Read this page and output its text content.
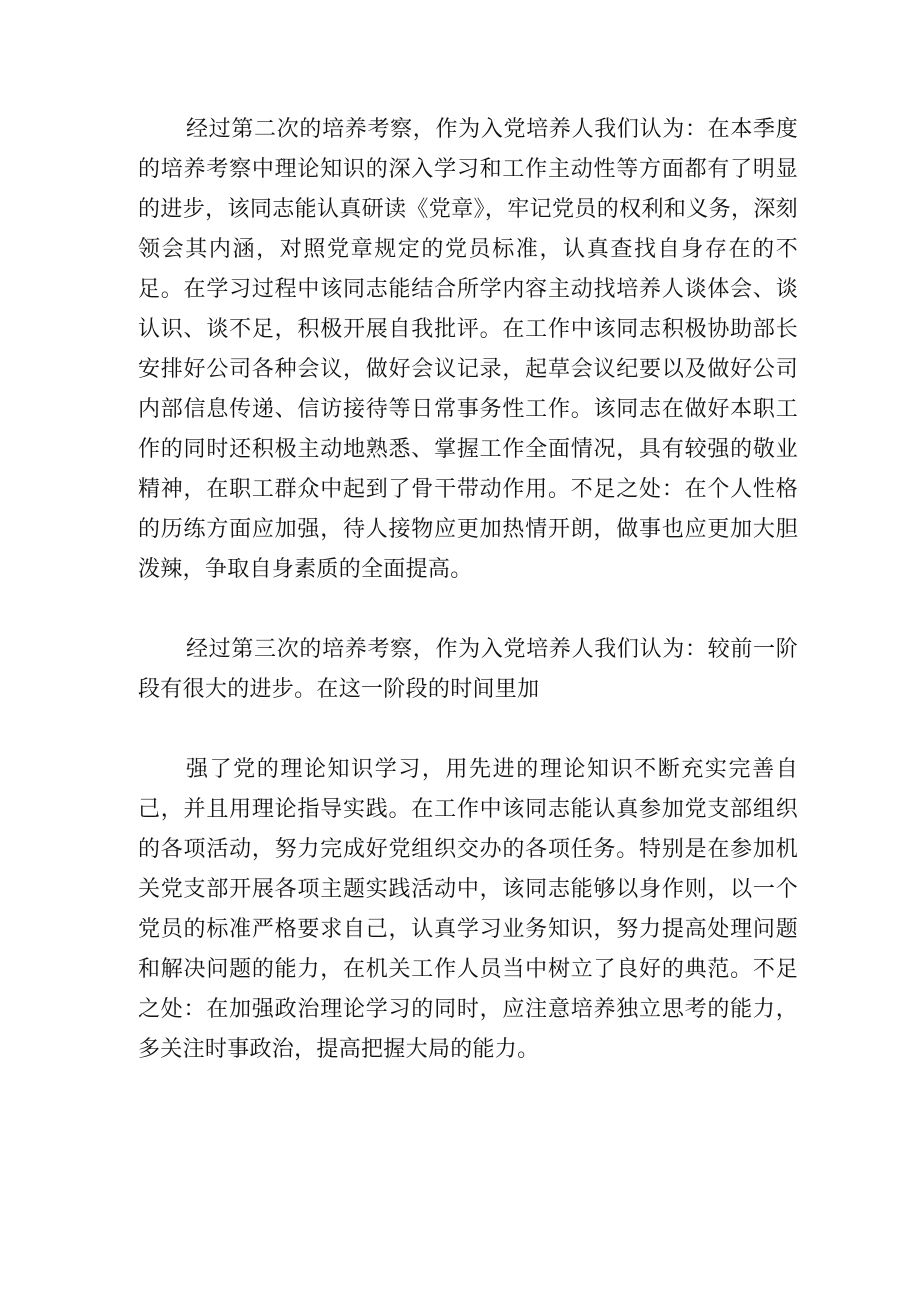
经过第二次的培养考察，作为入党培养人我们认为：在本季度的培养考察中理论知识的深入学习和工作主动性等方面都有了明显的进步，该同志能认真研读《党章》，牢记党员的权利和义务，深刻领会其内涵，对照党章规定的党员标准，认真查找自身存在的不足。在学习过程中该同志能结合所学内容主动找培养人谈体会、谈认识、谈不足，积极开展自我批评。在工作中该同志积极协助部长安排好公司各种会议，做好会议记录，起草会议纪要以及做好公司内部信息传递、信访接待等日常事务性工作。该同志在做好本职工作的同时还积极主动地熟悉、掌握工作全面情况，具有较强的敬业精神，在职工群众中起到了骨干带动作用。不足之处：在个人性格的历练方面应加强，待人接物应更加热情开朗，做事也应更加大胆泼辣，争取自身素质的全面提高。

经过第三次的培养考察，作为入党培养人我们认为：较前一阶段有很大的进步。在这一阶段的时间里加

强了党的理论知识学习，用先进的理论知识不断充实完善自己，并且用理论指导实践。在工作中该同志能认真参加党支部组织的各项活动，努力完成好党组织交办的各项任务。特别是在参加机关党支部开展各项主题实践活动中，该同志能够以身作则，以一个党员的标准严格要求自己，认真学习业务知识，努力提高处理问题和解决问题的能力，在机关工作人员当中树立了良好的典范。不足之处：在加强政治理论学习的同时，应注意培养独立思考的能力，多关注时事政治，提高把握大局的能力。
